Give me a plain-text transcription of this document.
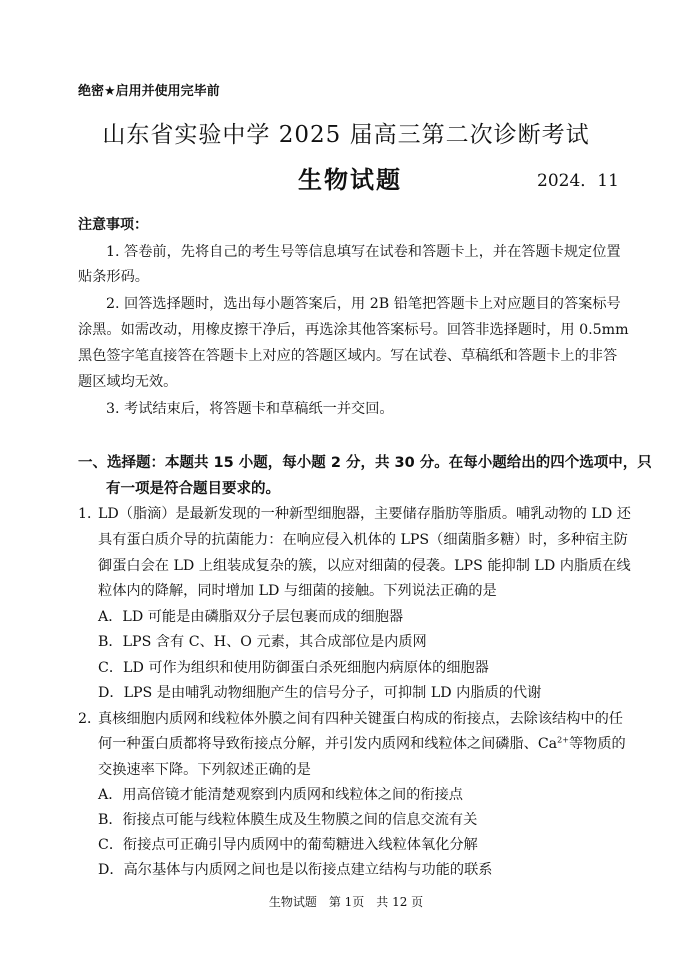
绝密★启用并使用完毕前
山东省实验中学 2025 届高三第二次诊断考试
生物试题	2024．11
注意事项：
1. 答卷前，先将自己的考生号等信息填写在试卷和答题卡上，并在答题卡规定位置
贴条形码。
2. 回答选择题时，选出每小题答案后，用 2B 铅笔把答题卡上对应题目的答案标号
涂黑。如需改动，用橡皮擦干净后，再选涂其他答案标号。回答非选择题时，用 0.5mm
黑色签字笔直接答在答题卡上对应的答题区域内。写在试卷、草稿纸和答题卡上的非答
题区域均无效。
3. 考试结束后，将答题卡和草稿纸一并交回。
一、选择题：本题共 15 小题，每小题 2 分，共 30 分。在每小题给出的四个选项中，只
有一项是符合题目要求的。
1．
LD（脂滴）是最新发现的一种新型细胞器，主要储存脂肪等脂质。哺乳动物的 LD 还
具有蛋白质介导的抗菌能力：在响应侵入机体的 LPS（细菌脂多糖）时，多种宿主防
御蛋白会在 LD 上组装成复杂的簇，以应对细菌的侵袭。LPS 能抑制 LD 内脂质在线
粒体内的降解，同时增加 LD 与细菌的接触。下列说法正确的是
A．LD 可能是由磷脂双分子层包裹而成的细胞器
B．LPS 含有 C、H、O 元素，其合成部位是内质网
C．LD 可作为组织和使用防御蛋白杀死细胞内病原体的细胞器
D．LPS 是由哺乳动物细胞产生的信号分子，可抑制 LD 内脂质的代谢
2．
真核细胞内质网和线粒体外膜之间有四种关键蛋白构成的衔接点，去除该结构中的任
何一种蛋白质都将导致衔接点分解，并引发内质网和线粒体之间磷脂、$Ca^{2+}$等物质的
交换速率下降。下列叙述正确的是
A．用高倍镜才能清楚观察到内质网和线粒体之间的衔接点
B．衔接点可能与线粒体膜生成及生物膜之间的信息交流有关
C．衔接点可正确引导内质网中的葡萄糖进入线粒体氧化分解
D．高尔基体与内质网之间也是以衔接点建立结构与功能的联系
生物试题　第 1页　共 12 页
